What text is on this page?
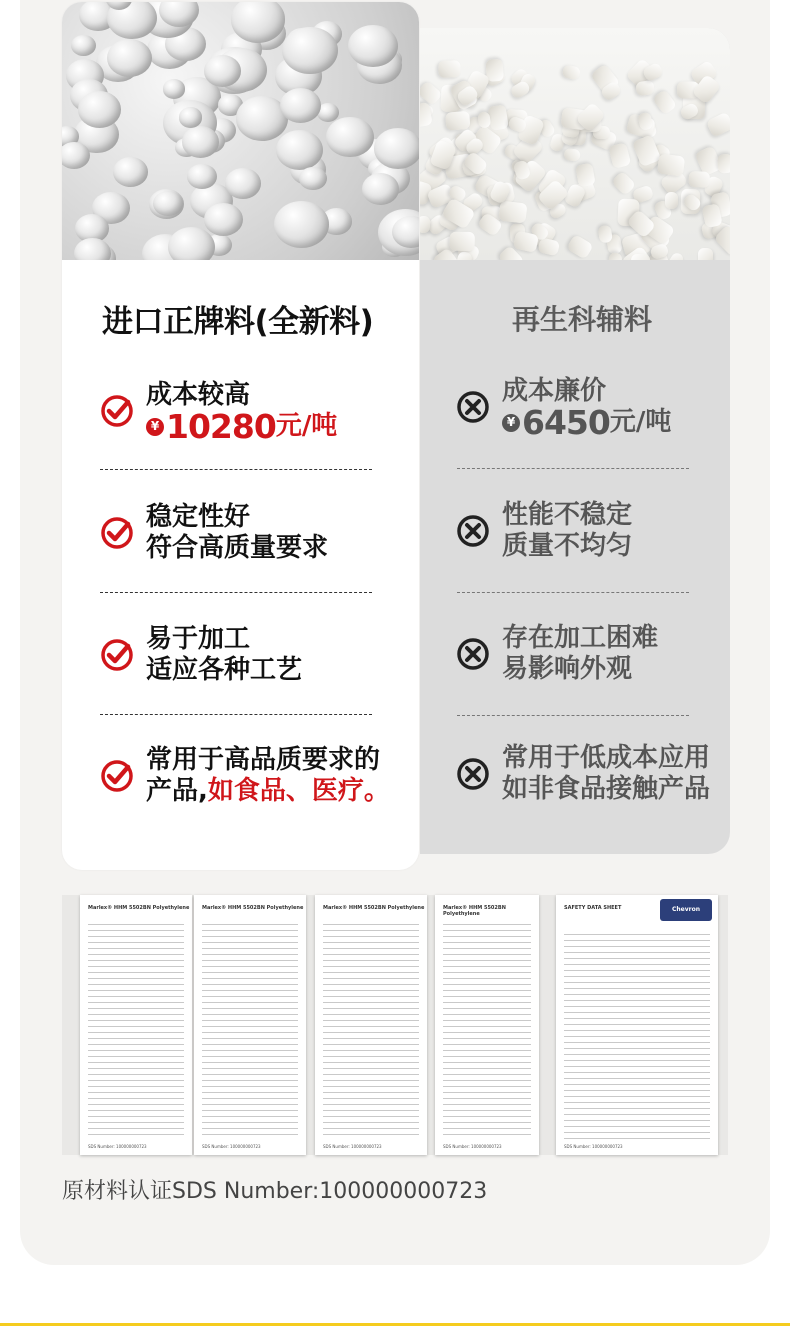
进口正牌料(全新料)
成本较高
¥ 10280 元/吨
稳定性好
符合高质量要求
易于加工
适应各种工艺
常用于高品质要求的
产品,如食品、医疗。
再生科辅料
成本廉价
¥ 6450 元/吨
性能不稳定
质量不均匀
存在加工困难
易影响外观
常用于低成本应用
如非食品接触产品
Marlex® HHM 5502BN Polyethylene
SDS Number: 100000000723
Marlex® HHM 5502BN Polyethylene
SDS Number: 100000000723
Marlex® HHM 5502BN Polyethylene
SDS Number: 100000000723
Marlex® HHM 5502BN Polyethylene
SDS Number: 100000000723
SAFETY DATA SHEET	Chevron
SDS Number: 100000000723
原材料认证SDS Number:100000000723
